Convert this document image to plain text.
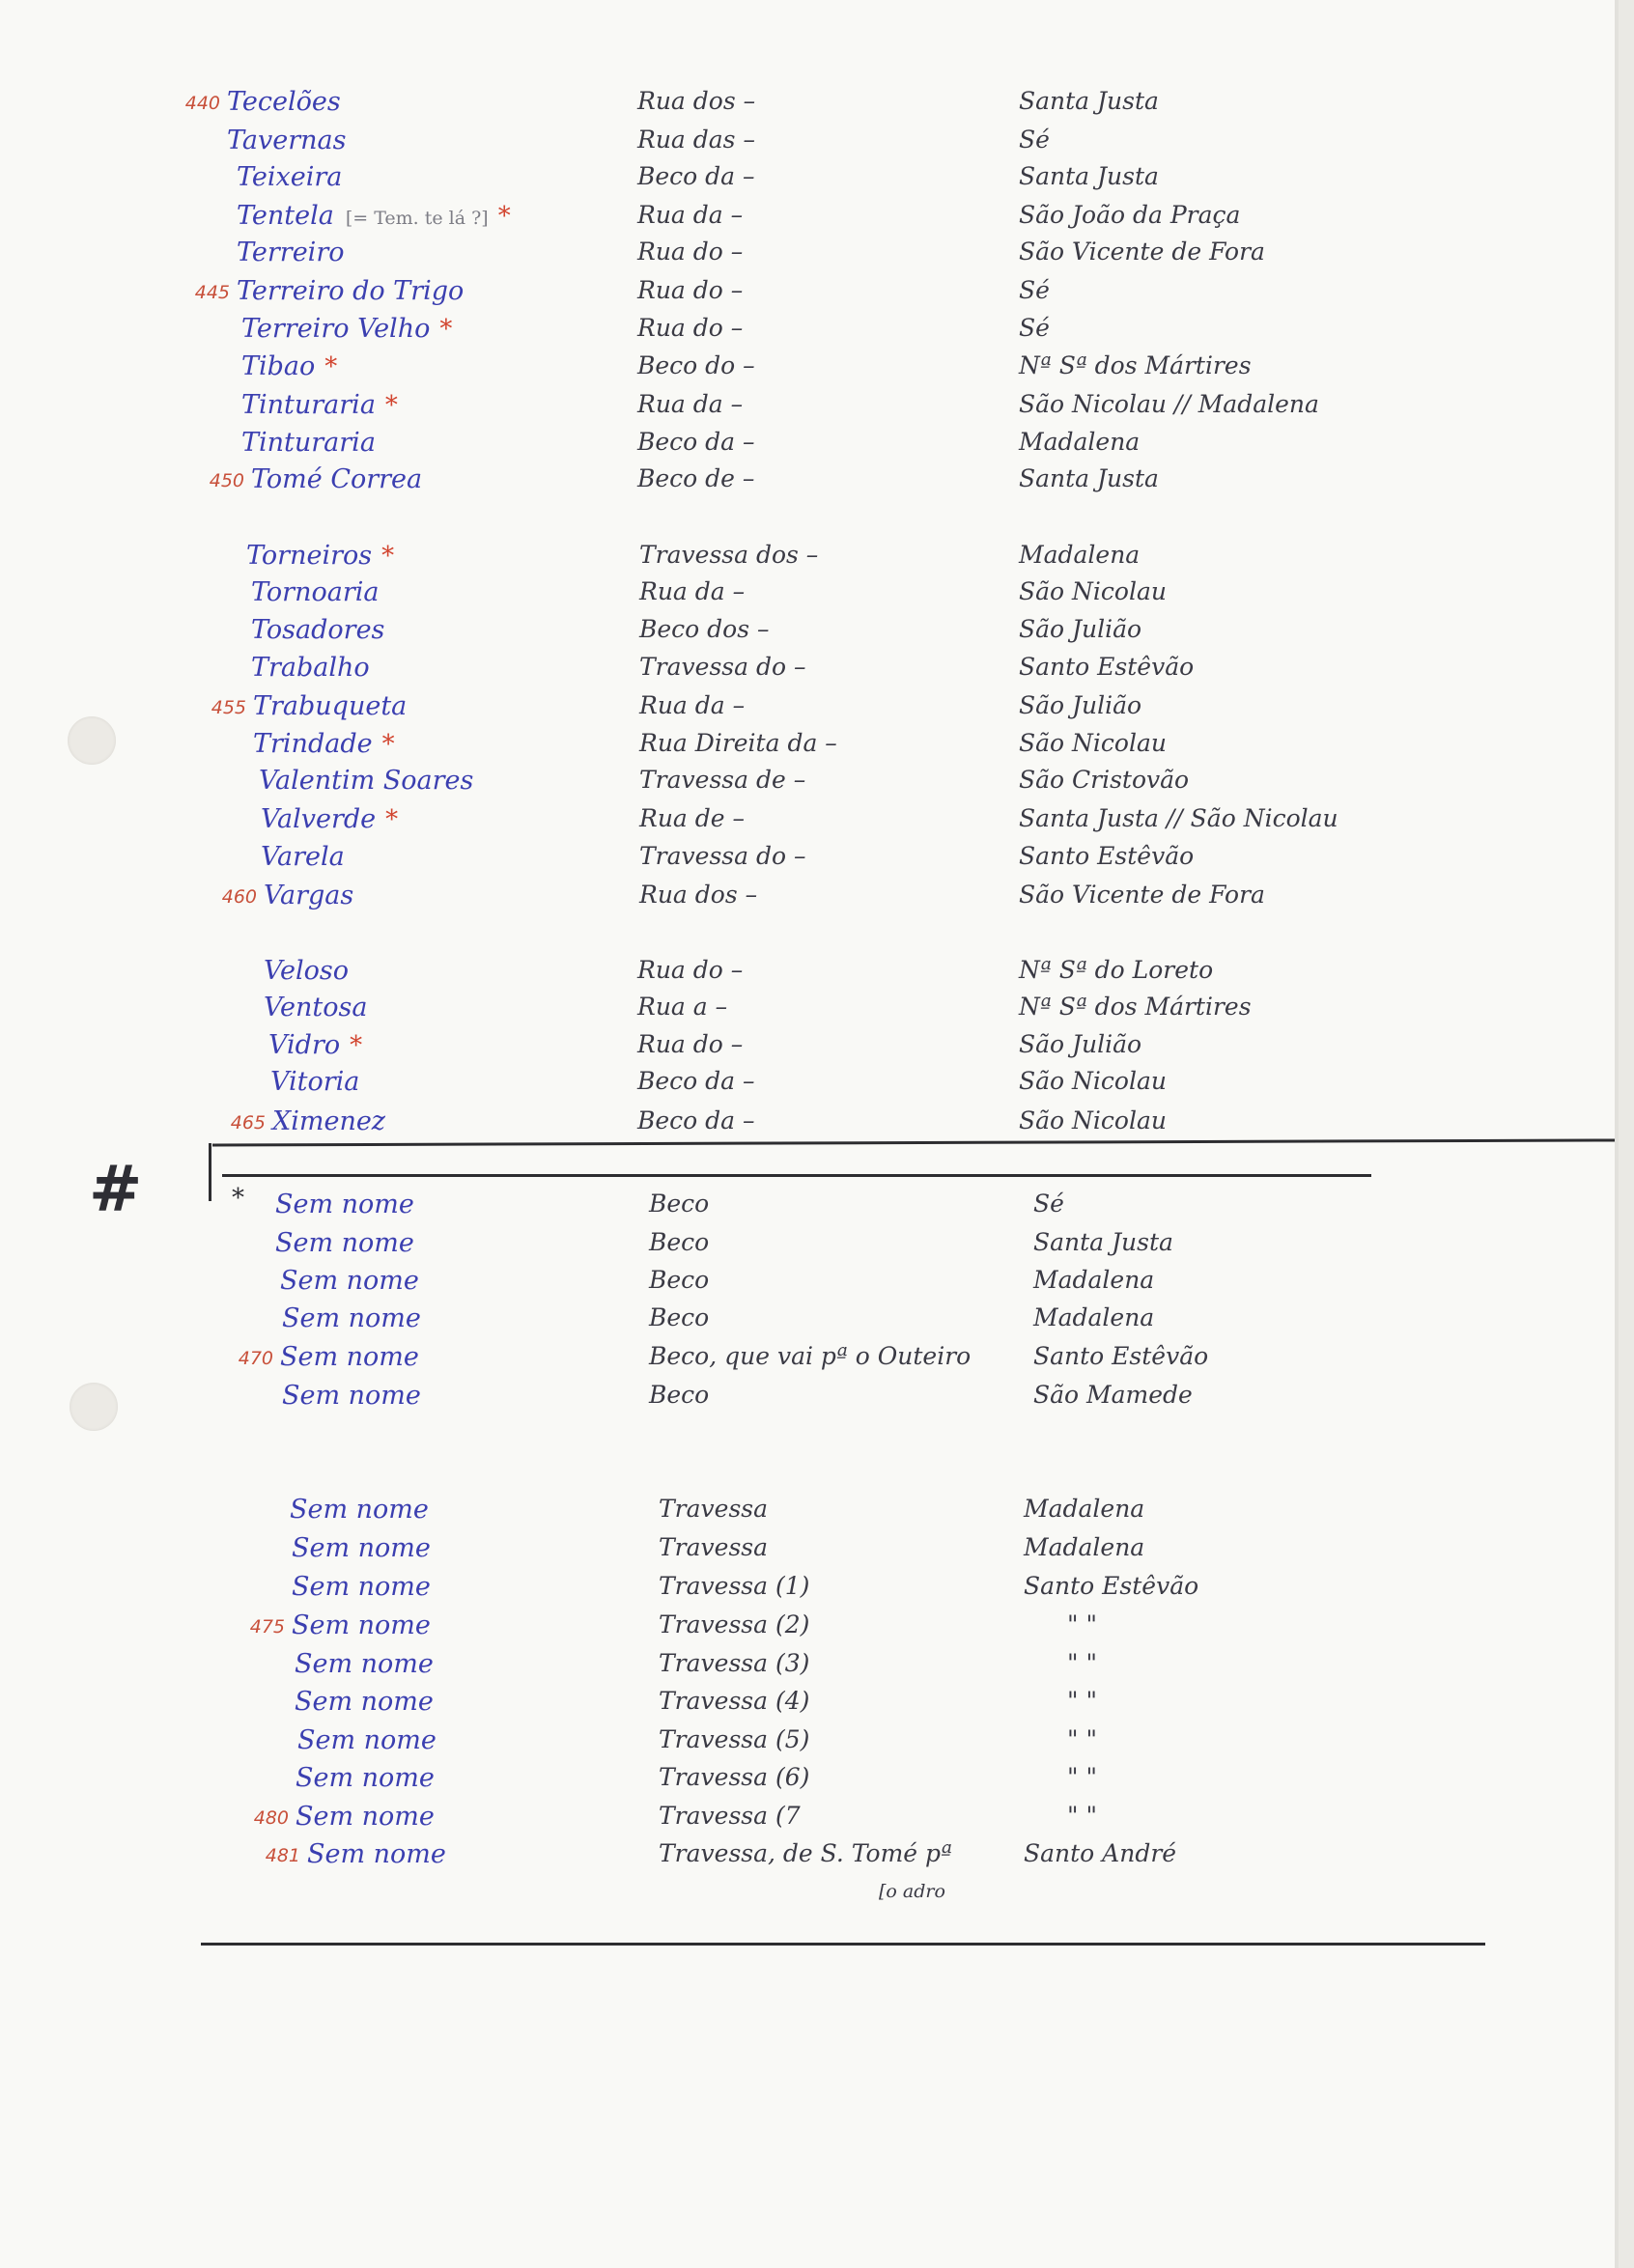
#
440 Tecelões	Rua dos –	Santa Justa
Tavernas	Rua das –	Sé
Teixeira	Beco da –	Santa Justa
Tentela [= Tem. te lá ?] *	Rua da –	São João da Praça
Terreiro	Rua do –	São Vicente de Fora
445 Terreiro do Trigo	Rua do –	Sé
Terreiro Velho *	Rua do –	Sé
Tibao *	Beco do –	Nª Sª dos Mártires
Tinturaria *	Rua da –	São Nicolau // Madalena
Tinturaria	Beco da –	Madalena
450 Tomé Correa	Beco de –	Santa Justa
Torneiros *	Travessa dos –	Madalena
Tornoaria	Rua da –	São Nicolau
Tosadores	Beco dos –	São Julião
Trabalho	Travessa do –	Santo Estêvão
455 Trabuqueta	Rua da –	São Julião
Trindade *	Rua Direita da –	São Nicolau
Valentim Soares	Travessa de –	São Cristovão
Valverde *	Rua de –	Santa Justa // São Nicolau
Varela	Travessa do –	Santo Estêvão
460 Vargas	Rua dos –	São Vicente de Fora
Veloso	Rua do –	Nª Sª do Loreto
Ventosa	Rua a –	Nª Sª dos Mártires
Vidro *	Rua do –	São Julião
Vitoria	Beco da –	São Nicolau
465 Ximenez	Beco da –	São Nicolau
Sem nome	Beco	Sé
Sem nome	Beco	Santa Justa
Sem nome	Beco	Madalena
Sem nome	Beco	Madalena
470 Sem nome	Beco, que vai pª o Outeiro	Santo Estêvão
Sem nome	Beco	São Mamede
Sem nome	Travessa	Madalena
Sem nome	Travessa	Madalena
Sem nome	Travessa (1)	Santo Estêvão
475 Sem nome	Travessa (2)	" "
Sem nome	Travessa (3)	" "
Sem nome	Travessa (4)	" "
Sem nome	Travessa (5)	" "
Sem nome	Travessa (6)	" "
480 Sem nome	Travessa (7	" "
481 Sem nome	Travessa, de S. Tomé pª	Santo André
*
[o adro
